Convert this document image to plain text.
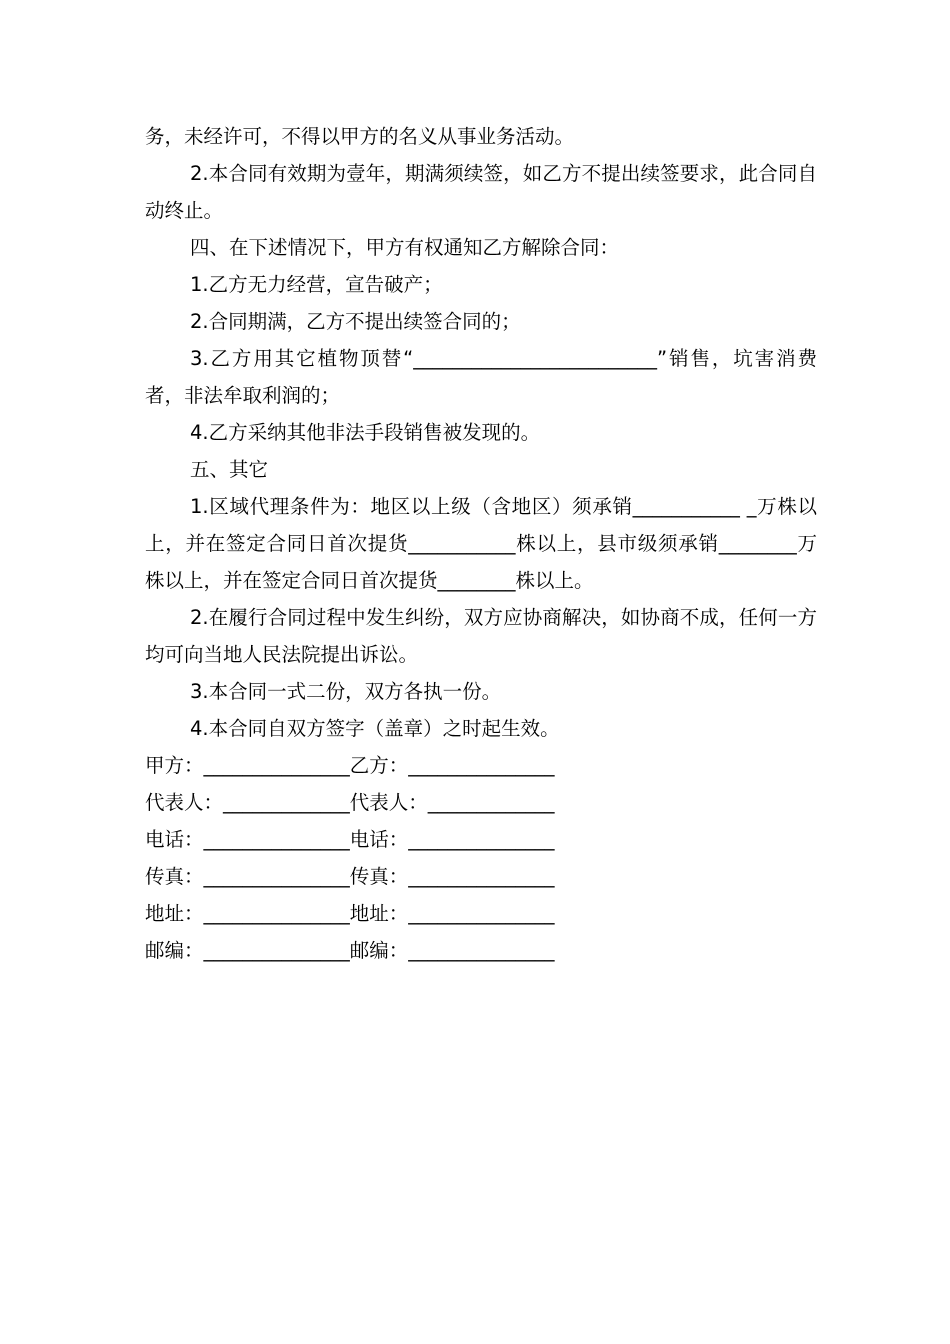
务，未经许可，不得以甲方的名义从事业务活动。

2.本合同有效期为壹年，期满须续签，如乙方不提出续签要求，此合同自动终止。

四、在下述情况下，甲方有权通知乙方解除合同：

1.乙方无力经营，宣告破产；

2.合同期满，乙方不提出续签合同的；

3.乙方用其它植物顶替“_________________________”销售，坑害消费者，非法牟取利润的；

4.乙方采纳其他非法手段销售被发现的。

五、其它

1.区域代理条件为：地区以上级（含地区）须承销___________ _万株以上，并在签定合同日首次提货___________株以上，县市级须承销________万株以上，并在签定合同日首次提货________株以上。

2.在履行合同过程中发生纠纷，双方应协商解决，如协商不成，任何一方均可向当地人民法院提出诉讼。

3.本合同一式二份，双方各执一份。

4.本合同自双方签字（盖章）之时起生效。

甲方：_______________乙方：_______________

代表人：_____________代表人：_____________

电话：_______________电话：_______________

传真：_______________传真：_______________

地址：_______________地址：_______________

邮编：_______________邮编：_______________
